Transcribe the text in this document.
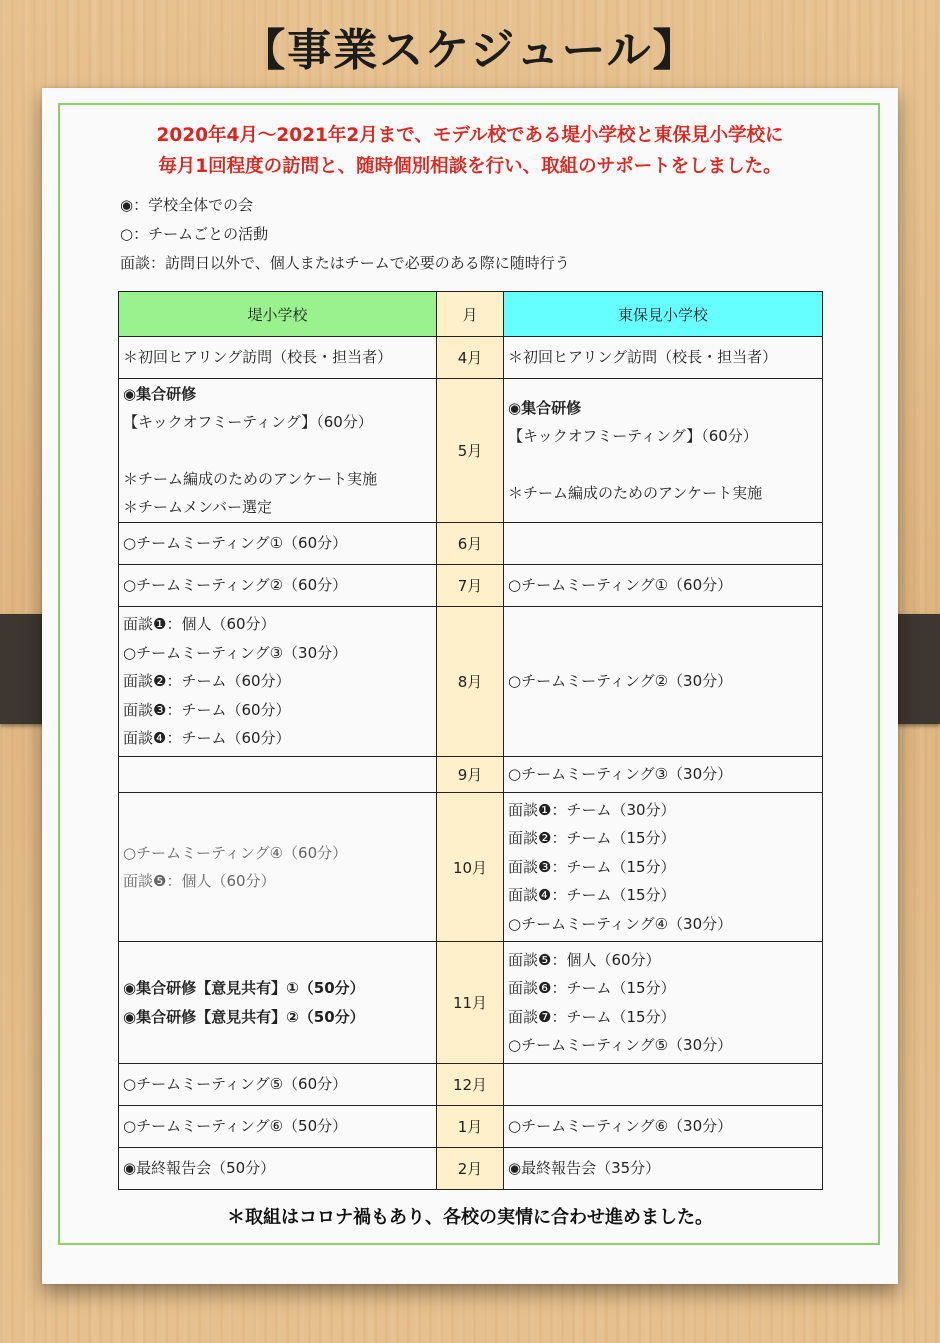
【事業スケジュール】
2020年4月～2021年2月まで、モデル校である堤小学校と東保見小学校に
毎月1回程度の訪問と、随時個別相談を行い、取組のサポートをしました。
◉：学校全体での会
○：チームごとの活動
面談：訪問日以外で、個人またはチームで必要のある際に随時行う
堤小学校	月	東保見小学校

＊初回ヒアリング訪問（校長・担当者）	4月	＊初回ヒアリング訪問（校長・担当者）

◉集合研修
【キックオフミーティング】（60分）
＊チーム編成のためのアンケート実施
＊チームメンバー選定	5月	◉集合研修
【キックオフミーティング】（60分）
＊チーム編成のためのアンケート実施

○チームミーティング①（60分）	6月	

○チームミーティング②（60分）	7月	○チームミーティング①（60分）

面談❶：個人（60分）
○チームミーティング③（30分）
面談❷：チーム（60分）
面談❸：チーム（60分）
面談❹：チーム（60分）	8月	○チームミーティング②（30分）

	9月	○チームミーティング③（30分）

○チームミーティング④（60分）
面談❺：個人（60分）	10月	面談❶：チーム（30分）
面談❷：チーム（15分）
面談❸：チーム（15分）
面談❹：チーム（15分）
○チームミーティング④（30分）

◉集合研修【意見共有】①（50分）
◉集合研修【意見共有】②（50分）	11月	面談❺：個人（60分）
面談❻：チーム（15分）
面談❼：チーム（15分）
○チームミーティング⑤（30分）

○チームミーティング⑤（60分）	12月	

○チームミーティング⑥（50分）	1月	○チームミーティング⑥（30分）

◉最終報告会（50分）	2月	◉最終報告会（35分）
＊取組はコロナ禍もあり、各校の実情に合わせ進めました。
